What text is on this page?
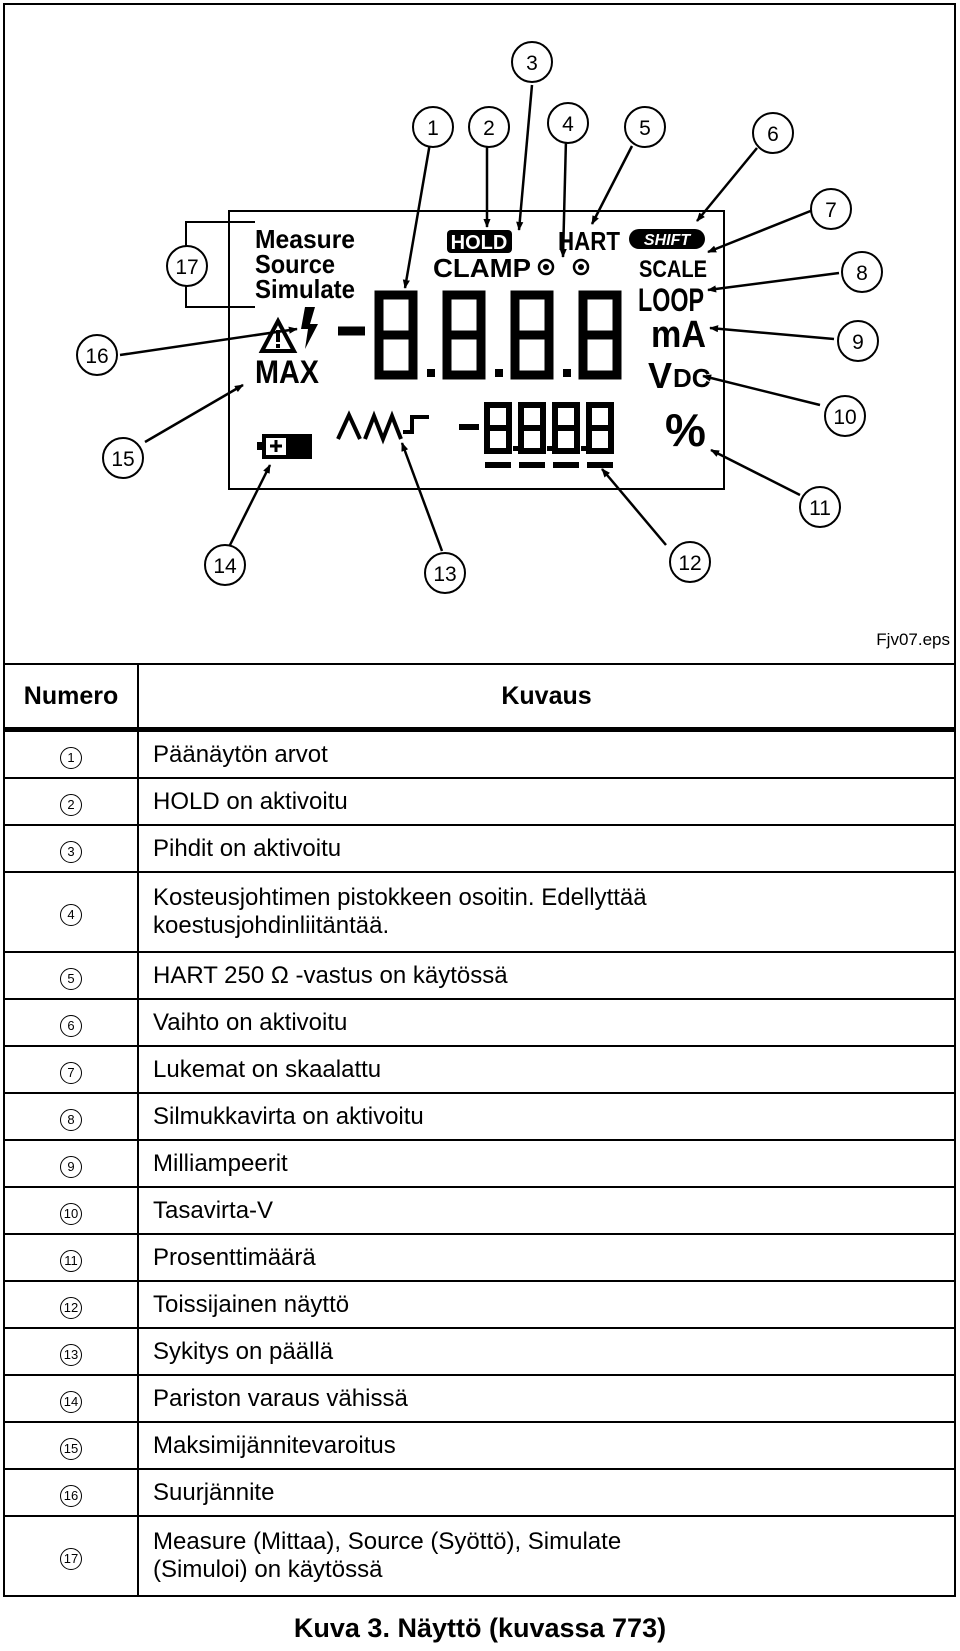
Measure
Source
Simulate
HOLD
CLAMP
HART SHIFT
SCALE
LOOP
mA
V DC
%
-8.8.8.8
-8.8.8.8
MAX
1 2
3
4	5	6
7
8
9
10
11
12
13
14
15
16
17
Fjv07.eps
Numero	Kuvaus
1	Päänäytön arvot
2	HOLD on aktivoitu
3	Pihdit on aktivoitu
4	Kosteusjohtimen pistokkeen osoitin. Edellyttää koestusjohdinliitäntää.
5	HART 250 Ω -vastus on käytössä
6	Vaihto on aktivoitu
7	Lukemat on skaalattu
8	Silmukkavirta on aktivoitu
9	Milliampeerit
10	Tasavirta-V
11	Prosenttimäärä
12	Toissijainen näyttö
13	Sykitys on päällä
14	Pariston varaus vähissä
15	Maksimijännitevaroitus
16	Suurjännite
17	Measure (Mittaa), Source (Syöttö), Simulate (Simuloi) on käytössä
Kuva 3. Näyttö (kuvassa 773)
